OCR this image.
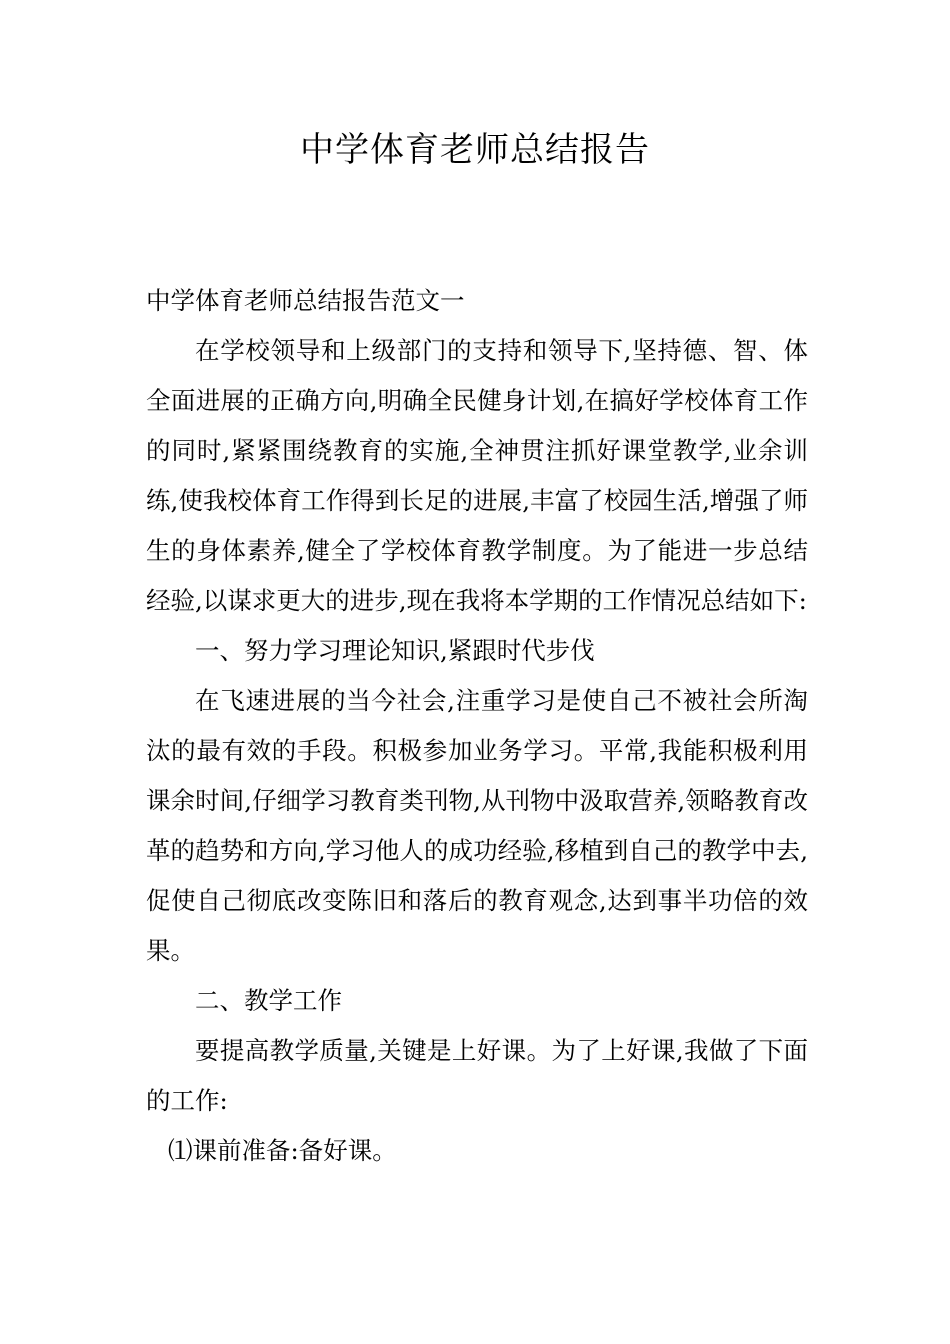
中学体育老师总结报告

中学体育老师总结报告范文一

在学校领导和上级部门的支持和领导下,坚持德、智、体全面进展的正确方向,明确全民健身计划,在搞好学校体育工作的同时,紧紧围绕教育的实施,全神贯注抓好课堂教学,业余训练,使我校体育工作得到长足的进展,丰富了校园生活,增强了师生的身体素养,健全了学校体育教学制度。为了能进一步总结经验,以谋求更大的进步,现在我将本学期的工作情况总结如下:

一、努力学习理论知识,紧跟时代步伐

在飞速进展的当今社会,注重学习是使自己不被社会所淘汰的最有效的手段。积极参加业务学习。平常,我能积极利用课余时间,仔细学习教育类刊物,从刊物中汲取营养,领略教育改革的趋势和方向,学习他人的成功经验,移植到自己的教学中去,促使自己彻底改变陈旧和落后的教育观念,达到事半功倍的效果。

二、教学工作

要提高教学质量,关键是上好课。为了上好课,我做了下面的工作:

⑴课前准备:备好课。
